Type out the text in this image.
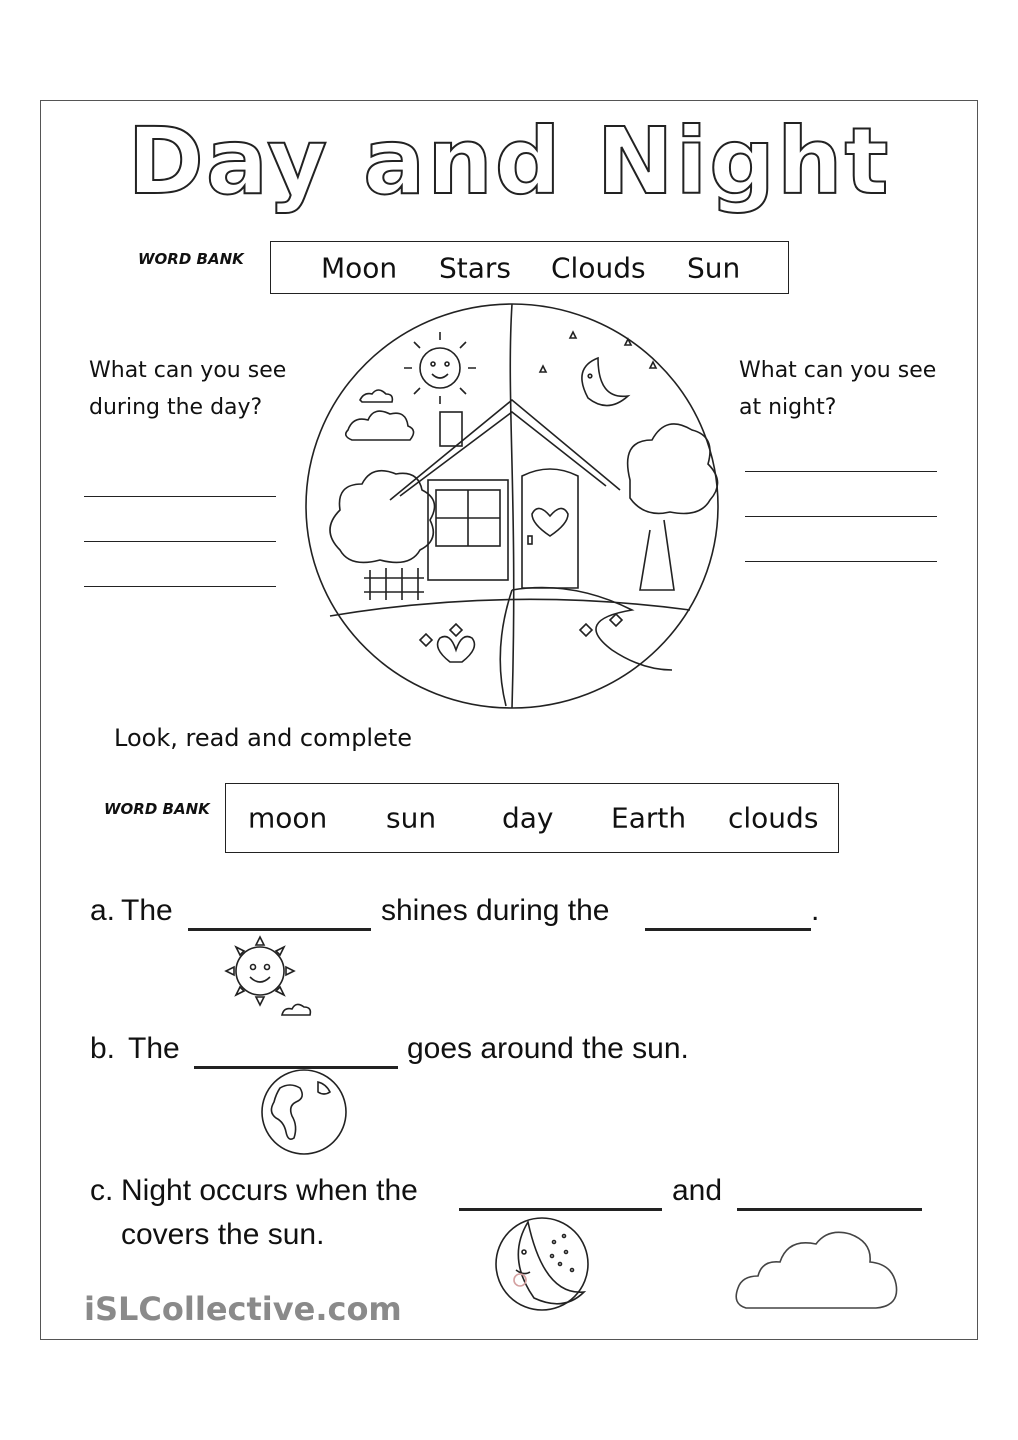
Day and Night
WORD BANK	Moon Stars Clouds Sun
What can you see during the day?
What can you see at night?
Look, read and complete
WORD BANK moon sun day Earth clouds
a. The	shines during the	.
b. The	goes around the sun.
c. Night occurs when the	and
covers the sun.
iSLCollective.com
